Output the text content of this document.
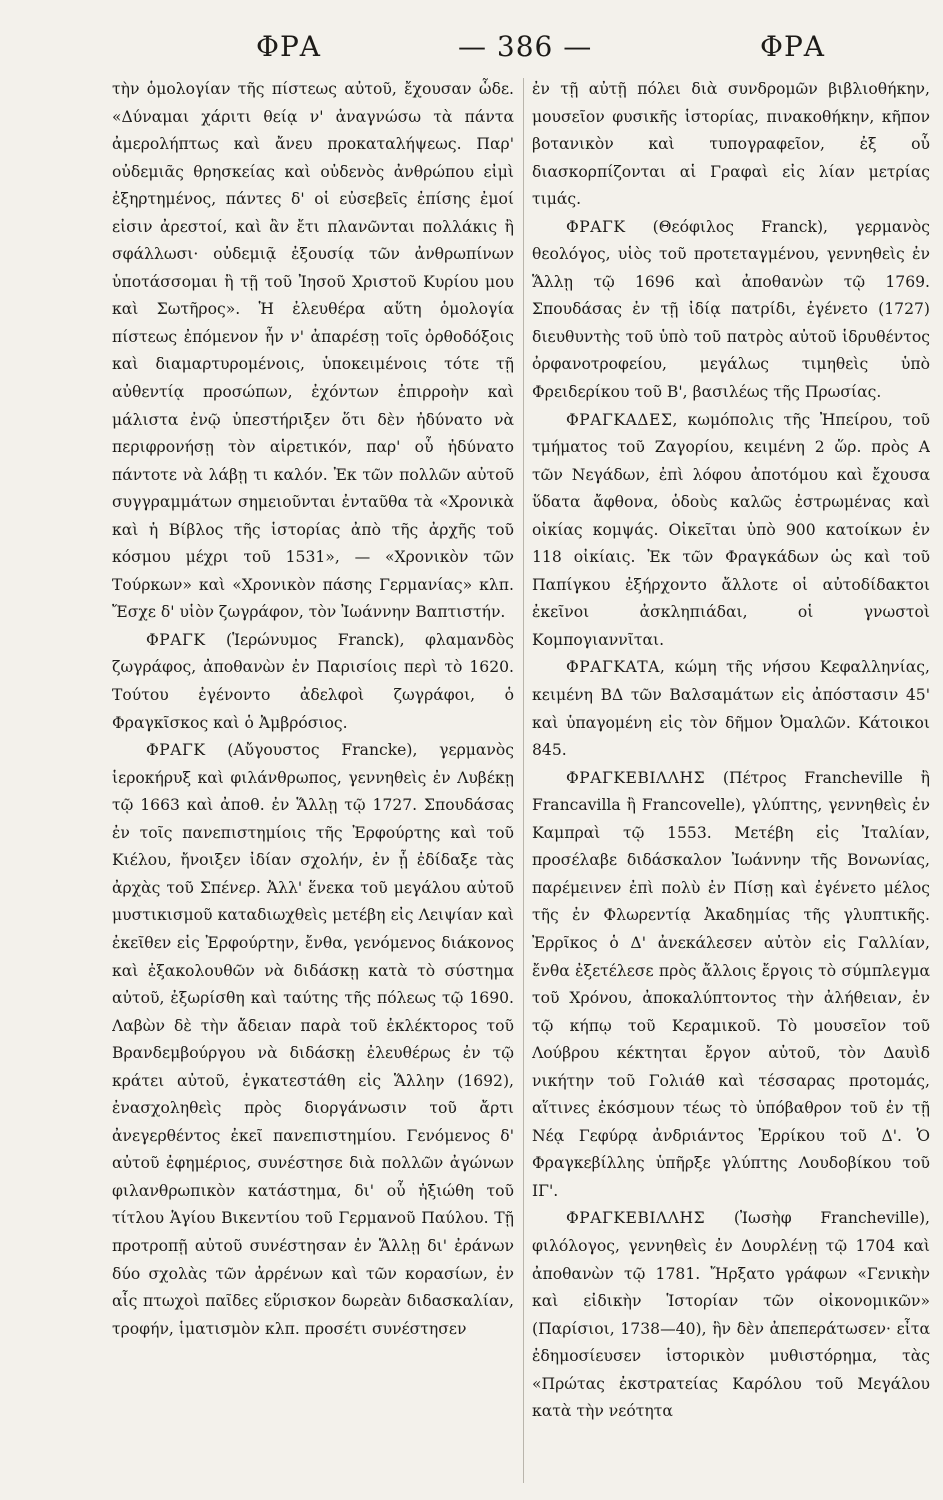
ΦΡΑ	— 386 —	ΦΡΑ

τὴν ὁμολογίαν τῆς πίστεως αὐτοῦ, ἔχουσαν ὧδε. «Δύναμαι χάριτι θείᾳ ν' ἀναγνώσω τὰ πάντα ἀμερολήπτως καὶ ἄνευ προκαταλήψεως. Παρ' οὐδεμιᾶς θρησκείας καὶ οὐδενὸς ἀνθρώπου εἰμὶ ἐξηρτημένος, πάντες δ' οἱ εὐσεβεῖς ἐπίσης ἐμοί εἰσιν ἀρεστοί, καὶ ἂν ἔτι πλανῶνται πολλάκις ἢ σφάλλωσι· οὐδεμιᾷ ἐξουσίᾳ τῶν ἀνθρωπίνων ὑποτάσσομαι ἢ τῇ τοῦ Ἰησοῦ Χριστοῦ Κυρίου μου καὶ Σωτῆρος». Ἡ ἐλευθέρα αὕτη ὁμολογία πίστεως ἐπόμενον ἦν ν' ἀπαρέσῃ τοῖς ὀρθοδόξοις καὶ διαμαρτυρομένοις, ὑποκειμένοις τότε τῇ αὐθεντίᾳ προσώπων, ἐχόντων ἐπιρροὴν καὶ μάλιστα ἐνῷ ὑπεστήριξεν ὅτι δὲν ἠδύνατο νὰ περιφρονήσῃ τὸν αἱρετικόν, παρ' οὗ ἠδύνατο πάντοτε νὰ λάβῃ τι καλόν. Ἐκ τῶν πολλῶν αὐτοῦ συγγραμμάτων σημειοῦνται ἐνταῦθα τὰ «Χρονικὰ καὶ ἡ Βίβλος τῆς ἱστορίας ἀπὸ τῆς ἀρχῆς τοῦ κόσμου μέχρι τοῦ 1531», — «Χρονικὸν τῶν Τούρκων» καὶ «Χρονικὸν πάσης Γερμανίας» κλπ. Ἔσχε δ' υἱὸν ζωγράφον, τὸν Ἰωάννην Βαπτιστήν.

ΦΡΑΓΚ (Ἱερώνυμος Franck), φλαμανδὸς ζωγράφος, ἀποθανὼν ἐν Παρισίοις περὶ τὸ 1620. Τούτου ἐγένοντο ἀδελφοὶ ζωγράφοι, ὁ Φραγκῖσκος καὶ ὁ Ἀμβρόσιος.

ΦΡΑΓΚ (Αὔγουστος Francke), γερμανὸς ἱεροκήρυξ καὶ φιλάνθρωπος, γεννηθεὶς ἐν Λυβέκῃ τῷ 1663 καὶ ἀποθ. ἐν Ἅλλῃ τῷ 1727. Σπουδάσας ἐν τοῖς πανεπιστημίοις τῆς Ἐρφούρτης καὶ τοῦ Κιέλου, ἤνοιξεν ἰδίαν σχολήν, ἐν ᾗ ἐδίδαξε τὰς ἀρχὰς τοῦ Σπένερ. Ἀλλ' ἕνεκα τοῦ μεγάλου αὐτοῦ μυστικισμοῦ καταδιωχθεὶς μετέβη εἰς Λειψίαν καὶ ἐκεῖθεν εἰς Ἐρφούρτην, ἔνθα, γενόμενος διάκονος καὶ ἐξακολουθῶν νὰ διδάσκῃ κατὰ τὸ σύστημα αὐτοῦ, ἐξωρίσθη καὶ ταύτης τῆς πόλεως τῷ 1690. Λαβὼν δὲ τὴν ἄδειαν παρὰ τοῦ ἐκλέκτορος τοῦ Βρανδεμβούργου νὰ διδάσκῃ ἐλευθέρως ἐν τῷ κράτει αὐτοῦ, ἐγκατεστάθη εἰς Ἅλλην (1692), ἐνασχοληθεὶς πρὸς διοργάνωσιν τοῦ ἄρτι ἀνεγερθέντος ἐκεῖ πανεπιστημίου. Γενόμενος δ' αὐτοῦ ἐφημέριος, συνέστησε διὰ πολλῶν ἀγώνων φιλανθρωπικὸν κατάστημα, δι' οὗ ἠξιώθη τοῦ τίτλου Ἁγίου Βικεντίου τοῦ Γερμανοῦ Παύλου. Τῇ προτροπῇ αὐτοῦ συνέστησαν ἐν Ἅλλῃ δι' ἐράνων δύο σχολὰς τῶν ἀρρένων καὶ τῶν κορασίων, ἐν αἷς πτωχοὶ παῖδες εὕρισκον δωρεὰν διδασκαλίαν, τροφήν, ἱματισμὸν κλπ. προσέτι συνέστησεν

ἐν τῇ αὐτῇ πόλει διὰ συνδρομῶν βιβλιοθήκην, μουσεῖον φυσικῆς ἱστορίας, πινακοθήκην, κῆπον βοτανικὸν καὶ τυπογραφεῖον, ἐξ οὗ διασκορπίζονται αἱ Γραφαὶ εἰς λίαν μετρίας τιμάς.

ΦΡΑΓΚ (Θεόφιλος Franck), γερμανὸς θεολόγος, υἱὸς τοῦ προτεταγμένου, γεννηθεὶς ἐν Ἅλλῃ τῷ 1696 καὶ ἀποθανὼν τῷ 1769. Σπουδάσας ἐν τῇ ἰδίᾳ πατρίδι, ἐγένετο (1727) διευθυντὴς τοῦ ὑπὸ τοῦ πατρὸς αὐτοῦ ἱδρυθέντος ὀρφανοτροφείου, μεγάλως τιμηθεὶς ὑπὸ Φρειδερίκου τοῦ Β', βασιλέως τῆς Πρωσίας.

ΦΡΑΓΚΑΔΕΣ, κωμόπολις τῆς Ἠπείρου, τοῦ τμήματος τοῦ Ζαγορίου, κειμένη 2 ὥρ. πρὸς Α τῶν Νεγάδων, ἐπὶ λόφου ἀποτόμου καὶ ἔχουσα ὕδατα ἄφθονα, ὁδοὺς καλῶς ἐστρωμένας καὶ οἰκίας κομψάς. Οἰκεῖται ὑπὸ 900 κατοίκων ἐν 118 οἰκίαις. Ἐκ τῶν Φραγκάδων ὡς καὶ τοῦ Παπίγκου ἐξήρχοντο ἄλλοτε οἱ αὐτοδίδακτοι ἐκεῖνοι ἀσκληπιάδαι, οἱ γνωστοὶ Κομπογιαννῖται.

ΦΡΑΓΚΑΤΑ, κώμη τῆς νήσου Κεφαλληνίας, κειμένη ΒΔ τῶν Βαλσαμάτων εἰς ἀπόστασιν 45' καὶ ὑπαγομένη εἰς τὸν δῆμον Ὀμαλῶν. Κάτοικοι 845.

ΦΡΑΓΚΕΒΙΛΛΗΣ (Πέτρος Francheville ἢ Francavilla ἢ Francovelle), γλύπτης, γεννηθεὶς ἐν Καμπραὶ τῷ 1553. Μετέβη εἰς Ἰταλίαν, προσέλαβε διδάσκαλον Ἰωάννην τῆς Βονωνίας, παρέμεινεν ἐπὶ πολὺ ἐν Πίσῃ καὶ ἐγένετο μέλος τῆς ἐν Φλωρεντίᾳ Ἀκαδημίας τῆς γλυπτικῆς. Ἐρρῖκος ὁ Δ' ἀνεκάλεσεν αὐτὸν εἰς Γαλλίαν, ἔνθα ἐξετέλεσε πρὸς ἄλλοις ἔργοις τὸ σύμπλεγμα τοῦ Χρόνου, ἀποκαλύπτοντος τὴν ἀλήθειαν, ἐν τῷ κήπῳ τοῦ Κεραμικοῦ. Τὸ μουσεῖον τοῦ Λούβρου κέκτηται ἔργον αὐτοῦ, τὸν Δαυὶδ νικήτην τοῦ Γολιάθ καὶ τέσσαρας προτομάς, αἵτινες ἐκόσμουν τέως τὸ ὑπόβαθρον τοῦ ἐν τῇ Νέᾳ Γεφύρᾳ ἀνδριάντος Ἐρρίκου τοῦ Δ'. Ὁ Φραγκεβίλλης ὑπῆρξε γλύπτης Λουδοβίκου τοῦ ΙΓ'.

ΦΡΑΓΚΕΒΙΛΛΗΣ (Ἰωσὴφ Francheville), φιλόλογος, γεννηθεὶς ἐν Δουρλένῃ τῷ 1704 καὶ ἀποθανὼν τῷ 1781. Ἤρξατο γράφων «Γενικὴν καὶ εἰδικὴν Ἱστορίαν τῶν οἰκονομικῶν» (Παρίσιοι, 1738—40), ἣν δὲν ἀπεπεράτωσεν· εἶτα ἐδημοσίευσεν ἱστορικὸν μυθιστόρημα, τὰς «Πρώτας ἐκστρατείας Καρόλου τοῦ Μεγάλου κατὰ τὴν νεότητα
